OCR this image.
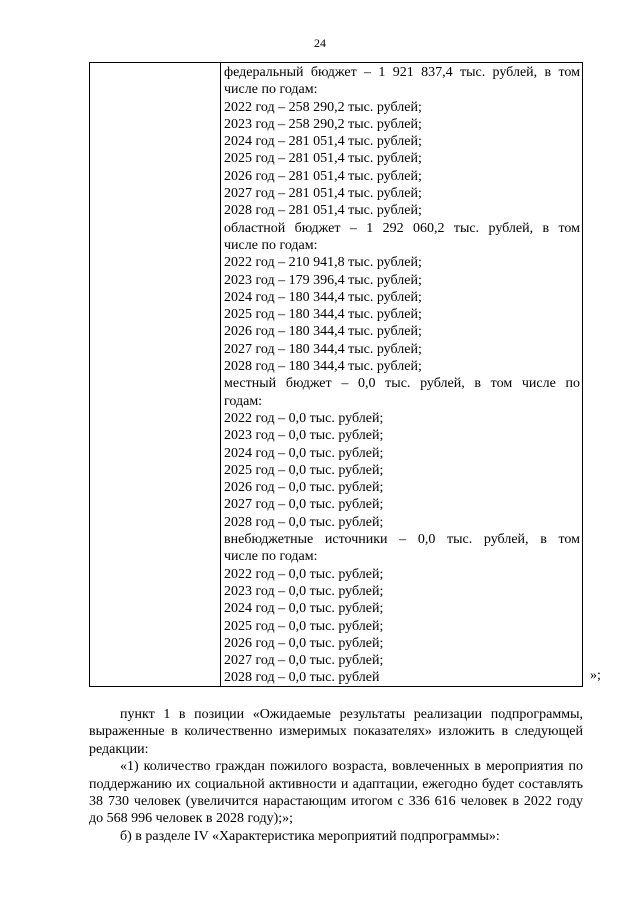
24
федеральный бюджет – 1 921 837,4 тыс. рублей, в том
числе по годам:
2022 год – 258 290,2 тыс. рублей;
2023 год – 258 290,2 тыс. рублей;
2024 год – 281 051,4 тыс. рублей;
2025 год – 281 051,4 тыс. рублей;
2026 год – 281 051,4 тыс. рублей;
2027 год – 281 051,4 тыс. рублей;
2028 год – 281 051,4 тыс. рублей;
областной бюджет – 1 292 060,2 тыс. рублей, в том
числе по годам:
2022 год – 210 941,8 тыс. рублей;
2023 год – 179 396,4 тыс. рублей;
2024 год – 180 344,4 тыс. рублей;
2025 год – 180 344,4 тыс. рублей;
2026 год – 180 344,4 тыс. рублей;
2027 год – 180 344,4 тыс. рублей;
2028 год – 180 344,4 тыс. рублей;
местный бюджет – 0,0 тыс. рублей, в том числе по
годам:
2022 год – 0,0 тыс. рублей;
2023 год – 0,0 тыс. рублей;
2024 год – 0,0 тыс. рублей;
2025 год – 0,0 тыс. рублей;
2026 год – 0,0 тыс. рублей;
2027 год – 0,0 тыс. рублей;
2028 год – 0,0 тыс. рублей;
внебюджетные источники – 0,0 тыс. рублей, в том
числе по годам:
2022 год – 0,0 тыс. рублей;
2023 год – 0,0 тыс. рублей;
2024 год – 0,0 тыс. рублей;
2025 год – 0,0 тыс. рублей;
2026 год – 0,0 тыс. рублей;
2027 год – 0,0 тыс. рублей;
2028 год – 0,0 тыс. рублей	»;

пункт 1 в позиции «Ожидаемые результаты реализации подпрограммы, выраженные в количественно измеримых показателях» изложить в следующей редакции:

«1) количество граждан пожилого возраста, вовлеченных в мероприятия по поддержанию их социальной активности и адаптации, ежегодно будет составлять 38 730 человек (увеличится нарастающим итогом с 336 616 человек в 2022 году до 568 996 человек в 2028 году);»;

б) в разделе IV «Характеристика мероприятий подпрограммы»:
